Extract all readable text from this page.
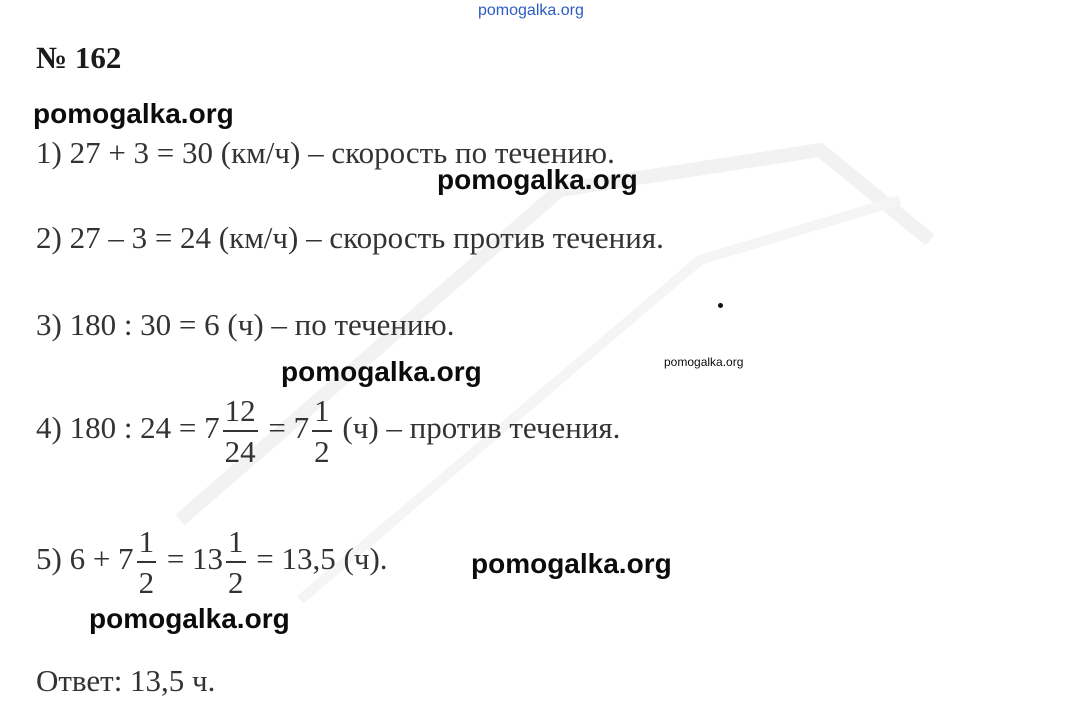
pomogalka.org
№ 162
1) 27 + 3 = 30 (км/ч) – скорость по течению.
2) 27 – 3 = 24 (км/ч) – скорость против течения.
3) 180 : 30 = 6 (ч) – по течению.
4) 180 : $24 = 7 \frac{12}{24} = 7 \frac{1}{2} (ч)$ – против течения.
5) $6 + 7 \frac{1}{2} = 13 \frac{1}{2} = 13,5$ (ч).
Ответ: 13,5 ч.
pomogalka.org
pomogalka.org
pomogalka.org	pomogalka.org
pomogalka.org
pomogalka.org
